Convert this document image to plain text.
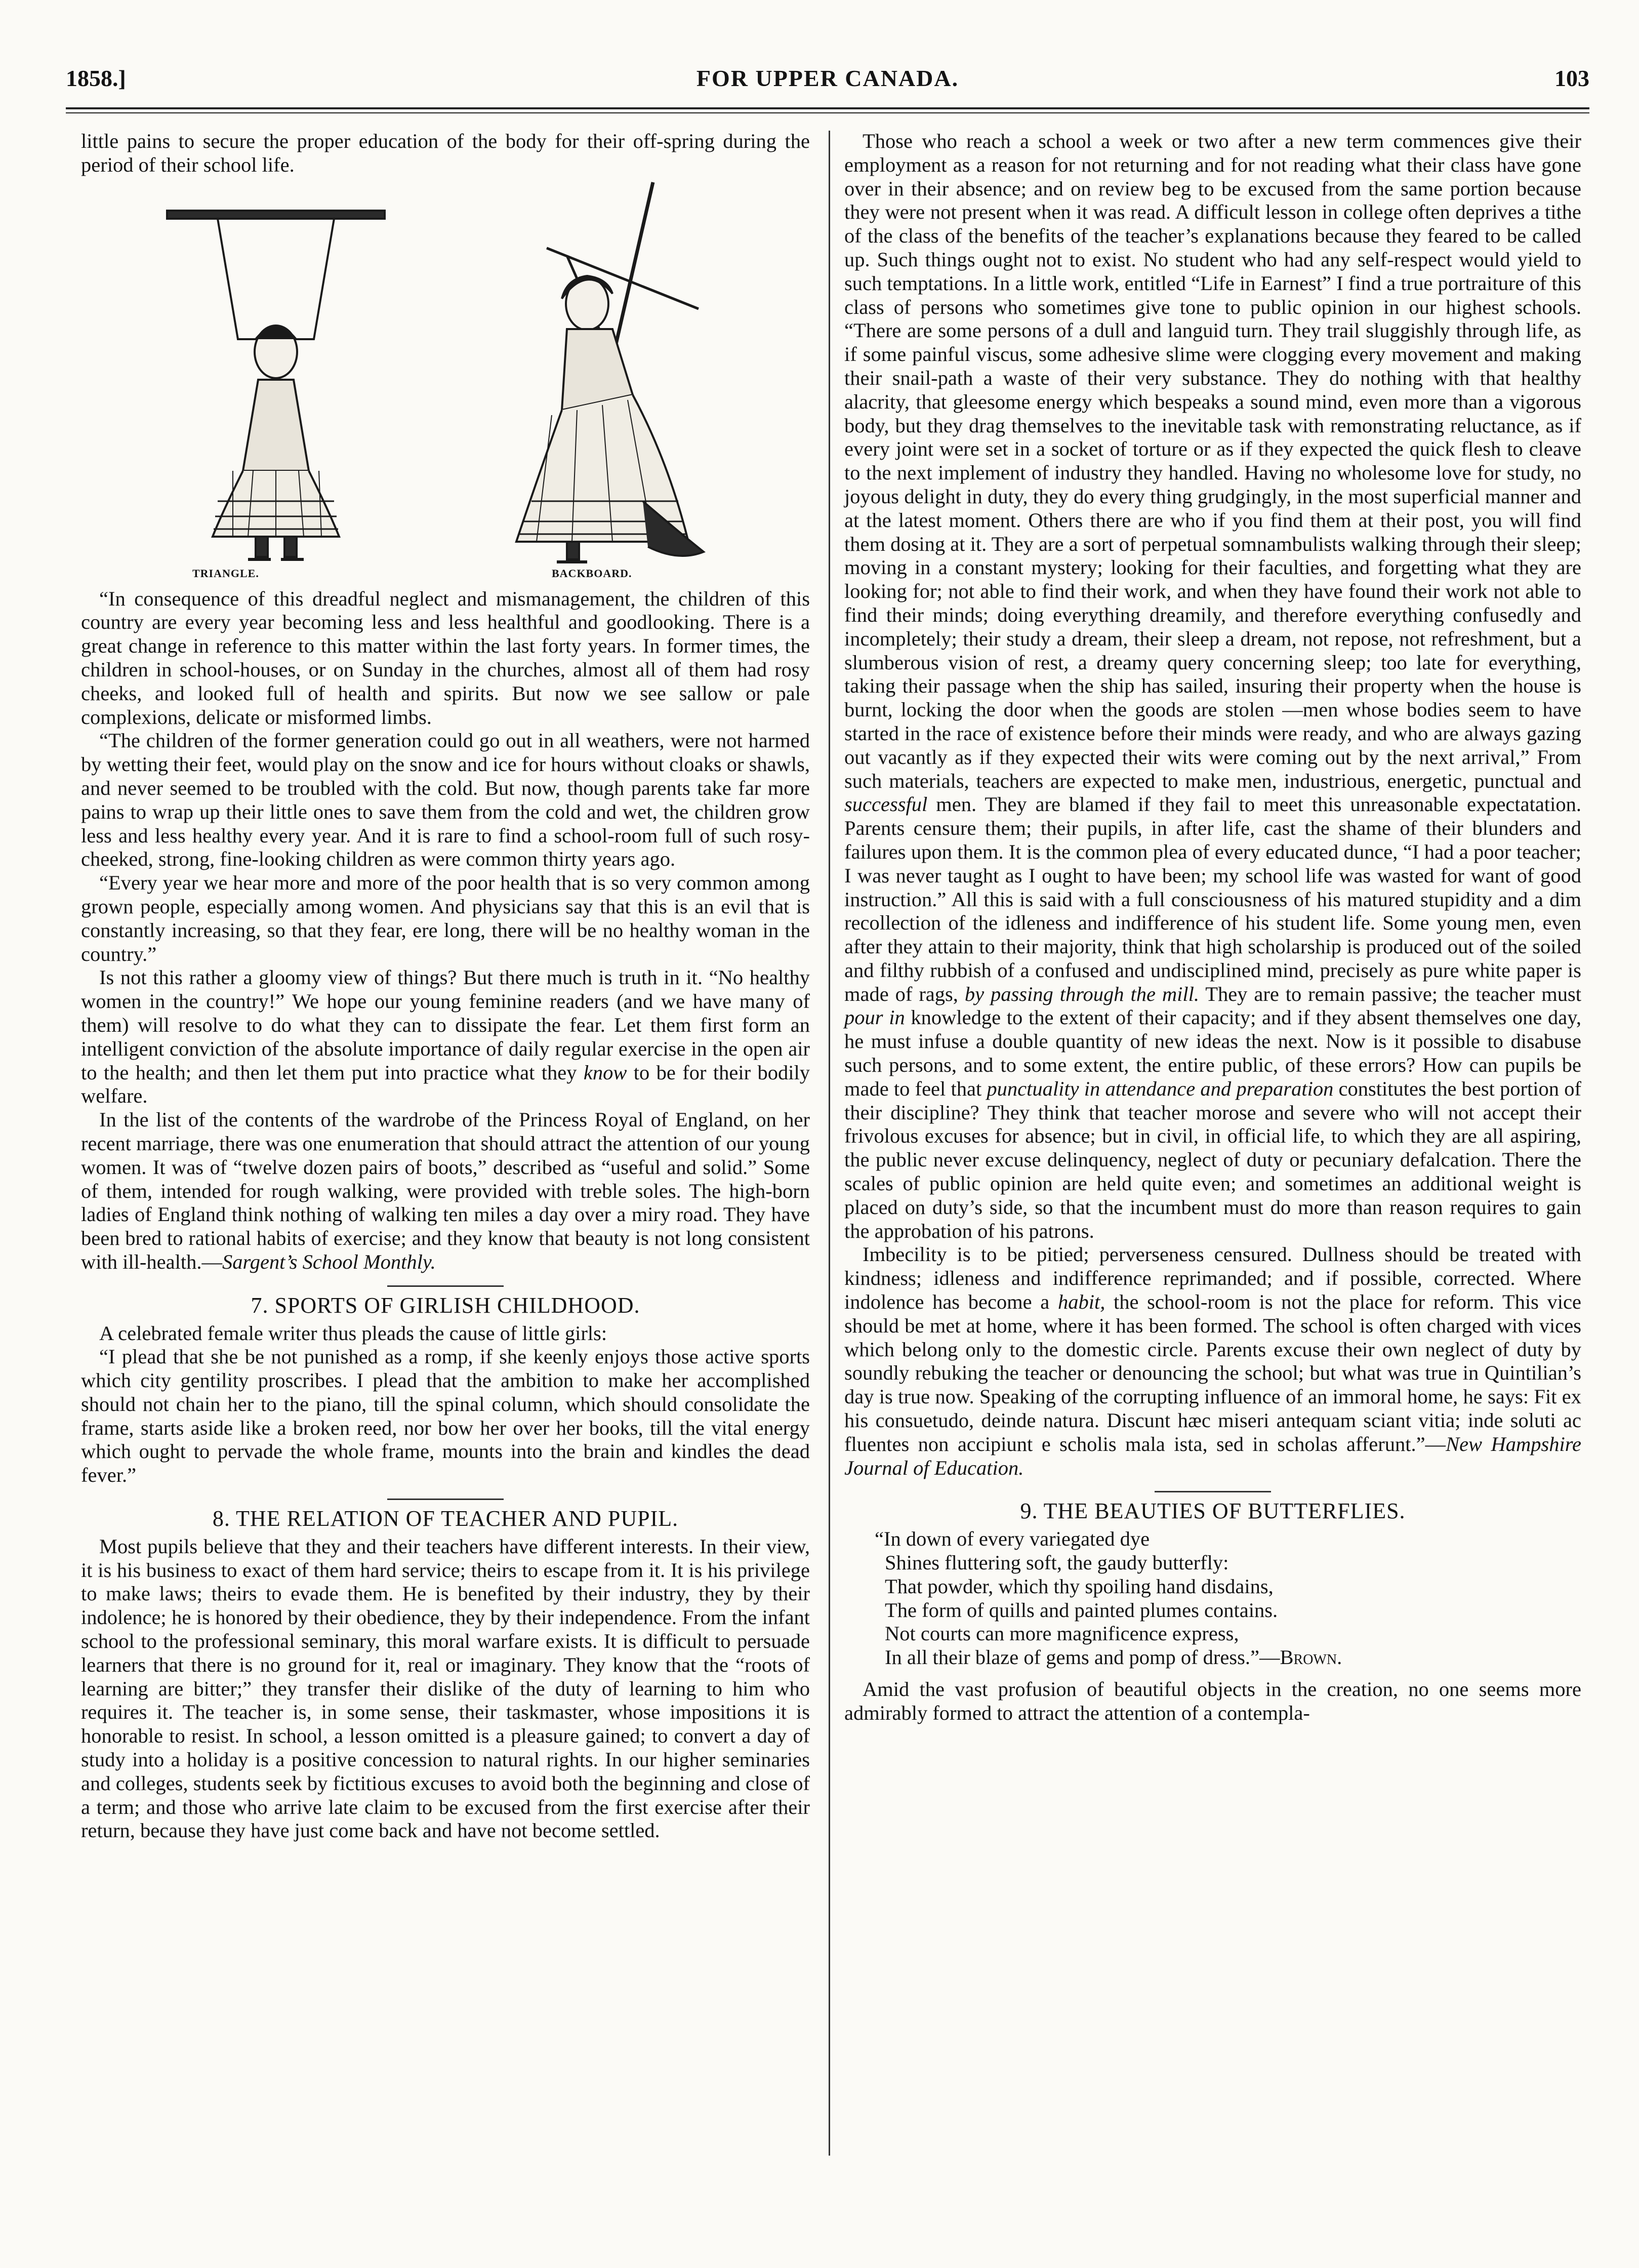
1858.]	FOR UPPER CANADA.	103

little pains to secure the proper education of the body for their off-spring during the period of their school life.

TRIANGLE.	BACKBOARD.

“In consequence of this dreadful neglect and mismanagement, the children of this country are every year becoming less and less healthful and goodlooking. There is a great change in reference to this matter within the last forty years. In former times, the children in school-houses, or on Sunday in the churches, almost all of them had rosy cheeks, and looked full of health and spirits. But now we see sallow or pale complexions, delicate or misformed limbs.

“The children of the former generation could go out in all weathers, were not harmed by wetting their feet, would play on the snow and ice for hours without cloaks or shawls, and never seemed to be troubled with the cold. But now, though parents take far more pains to wrap up their little ones to save them from the cold and wet, the children grow less and less healthy every year. And it is rare to find a school-room full of such rosy-cheeked, strong, fine-looking children as were common thirty years ago.

“Every year we hear more and more of the poor health that is so very common among grown people, especially among women. And physicians say that this is an evil that is constantly increasing, so that they fear, ere long, there will be no healthy woman in the country.”

Is not this rather a gloomy view of things? But there much is truth in it. “No healthy women in the country!” We hope our young feminine readers (and we have many of them) will resolve to do what they can to dissipate the fear. Let them first form an intelligent conviction of the absolute importance of daily regular exercise in the open air to the health; and then let them put into practice what they know to be for their bodily welfare.

In the list of the contents of the wardrobe of the Princess Royal of England, on her recent marriage, there was one enumeration that should attract the attention of our young women. It was of “twelve dozen pairs of boots,” described as “useful and solid.” Some of them, intended for rough walking, were provided with treble soles. The high-born ladies of England think nothing of walking ten miles a day over a miry road. They have been bred to rational habits of exercise; and they know that beauty is not long consistent with ill-health.—Sargent’s School Monthly.

7. SPORTS OF GIRLISH CHILDHOOD.

A celebrated female writer thus pleads the cause of little girls:

“I plead that she be not punished as a romp, if she keenly enjoys those active sports which city gentility proscribes. I plead that the ambition to make her accomplished should not chain her to the piano, till the spinal column, which should consolidate the frame, starts aside like a broken reed, nor bow her over her books, till the vital energy which ought to pervade the whole frame, mounts into the brain and kindles the dead fever.”

8. THE RELATION OF TEACHER AND PUPIL.

Most pupils believe that they and their teachers have different interests. In their view, it is his business to exact of them hard service; theirs to escape from it. It is his privilege to make laws; theirs to evade them. He is benefited by their industry, they by their indolence; he is honored by their obedience, they by their independence. From the infant school to the professional seminary, this moral warfare exists. It is difficult to persuade learners that there is no ground for it, real or imaginary. They know that the “roots of learning are bitter;” they transfer their dislike of the duty of learning to him who requires it. The teacher is, in some sense, their taskmaster, whose impositions it is honorable to resist. In school, a lesson omitted is a pleasure gained; to convert a day of study into a holiday is a positive concession to natural rights. In our higher seminaries and colleges, students seek by fictitious excuses to avoid both the beginning and close of a term; and those who arrive late claim to be excused from the first exercise after their return, because they have just come back and have not become settled.

Those who reach a school a week or two after a new term commences give their employment as a reason for not returning and for not reading what their class have gone over in their absence; and on review beg to be excused from the same portion because they were not present when it was read. A difficult lesson in college often deprives a tithe of the class of the benefits of the teacher’s explanations because they feared to be called up. Such things ought not to exist. No student who had any self-respect would yield to such temptations. In a little work, entitled “Life in Earnest” I find a true portraiture of this class of persons who sometimes give tone to public opinion in our highest schools. “There are some persons of a dull and languid turn. They trail sluggishly through life, as if some painful viscus, some adhesive slime were clogging every movement and making their snail-path a waste of their very substance. They do nothing with that healthy alacrity, that gleesome energy which bespeaks a sound mind, even more than a vigorous body, but they drag themselves to the inevitable task with remonstrating reluctance, as if every joint were set in a socket of torture or as if they expected the quick flesh to cleave to the next implement of industry they handled. Having no wholesome love for study, no joyous delight in duty, they do every thing grudgingly, in the most superficial manner and at the latest moment. Others there are who if you find them at their post, you will find them dosing at it. They are a sort of perpetual somnambulists walking through their sleep; moving in a constant mystery; looking for their faculties, and forgetting what they are looking for; not able to find their work, and when they have found their work not able to find their minds; doing everything dreamily, and therefore everything confusedly and incompletely; their study a dream, their sleep a dream, not repose, not refreshment, but a slumberous vision of rest, a dreamy query concerning sleep; too late for everything, taking their passage when the ship has sailed, insuring their property when the house is burnt, locking the door when the goods are stolen —men whose bodies seem to have started in the race of existence before their minds were ready, and who are always gazing out vacantly as if they expected their wits were coming out by the next arrival,” From such materials, teachers are expected to make men, industrious, energetic, punctual and successful men. They are blamed if they fail to meet this unreasonable expectatation. Parents censure them; their pupils, in after life, cast the shame of their blunders and failures upon them. It is the common plea of every educated dunce, “I had a poor teacher; I was never taught as I ought to have been; my school life was wasted for want of good instruction.” All this is said with a full consciousness of his matured stupidity and a dim recollection of the idleness and indifference of his student life. Some young men, even after they attain to their majority, think that high scholarship is produced out of the soiled and filthy rubbish of a confused and undisciplined mind, precisely as pure white paper is made of rags, by passing through the mill. They are to remain passive; the teacher must pour in knowledge to the extent of their capacity; and if they absent themselves one day, he must infuse a double quantity of new ideas the next. Now is it possible to disabuse such persons, and to some extent, the entire public, of these errors? How can pupils be made to feel that punctuality in attendance and preparation constitutes the best portion of their discipline? They think that teacher morose and severe who will not accept their frivolous excuses for absence; but in civil, in official life, to which they are all aspiring, the public never excuse delinquency, neglect of duty or pecuniary defalcation. There the scales of public opinion are held quite even; and sometimes an additional weight is placed on duty’s side, so that the incumbent must do more than reason requires to gain the approbation of his patrons.

Imbecility is to be pitied; perverseness censured. Dullness should be treated with kindness; idleness and indifference reprimanded; and if possible, corrected. Where indolence has become a habit, the school-room is not the place for reform. This vice should be met at home, where it has been formed. The school is often charged with vices which belong only to the domestic circle. Parents excuse their own neglect of duty by soundly rebuking the teacher or denouncing the school; but what was true in Quintilian’s day is true now. Speaking of the corrupting influence of an immoral home, he says: Fit ex his consuetudo, deinde natura. Discunt hæc miseri antequam sciant vitia; inde soluti ac fluentes non accipiunt e scholis mala ista, sed in scholas afferunt.”—New Hampshire Journal of Education.

9. THE BEAUTIES OF BUTTERFLIES.

“In down of every variegated dye

Shines fluttering soft, the gaudy butterfly:

That powder, which thy spoiling hand disdains,

The form of quills and painted plumes contains.

Not courts can more magnificence express,

In all their blaze of gems and pomp of dress.”—Brown.

Amid the vast profusion of beautiful objects in the creation, no one seems more admirably formed to attract the attention of a contempla-
